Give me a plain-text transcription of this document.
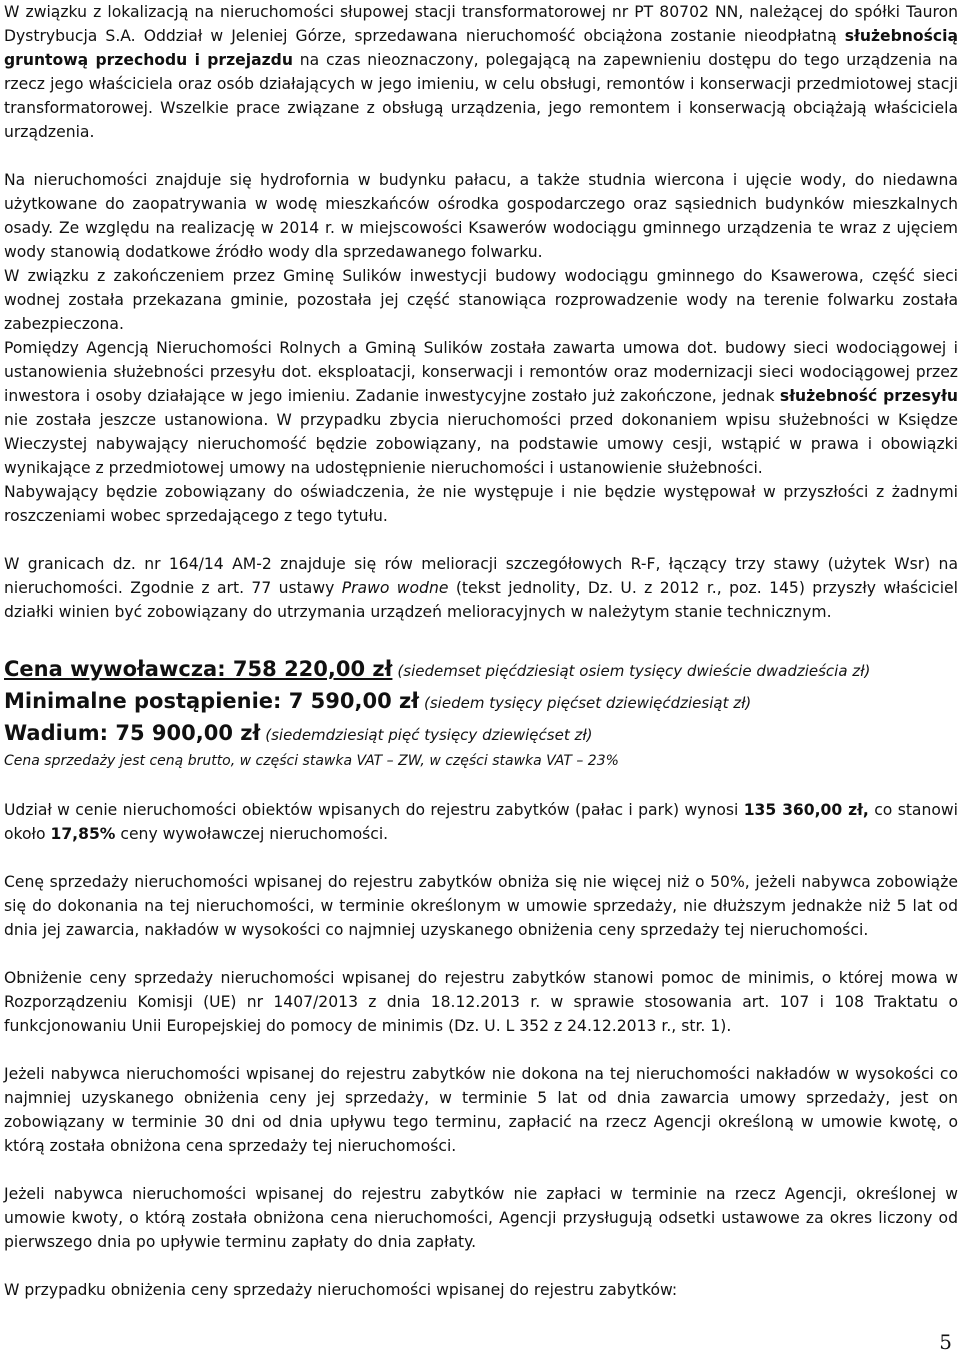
W związku z lokalizacją na nieruchomości słupowej stacji transformatorowej nr PT 80702 NN, należącej do spółki Tauron Dystrybucja S.A. Oddział w Jeleniej Górze, sprzedawana nieruchomość obciążona zostanie nieodpłatną służebnością gruntową przechodu i przejazdu na czas nieoznaczony, polegającą na zapewnieniu dostępu do tego urządzenia na rzecz jego właściciela oraz osób działających w jego imieniu, w celu obsługi, remontów i konserwacji przedmiotowej stacji transformatorowej. Wszelkie prace związane z obsługą urządzenia, jego remontem i konserwacją obciążają właściciela urządzenia.

Na nieruchomości znajduje się hydrofornia w budynku pałacu, a także studnia wiercona i ujęcie wody, do niedawna użytkowane do zaopatrywania w wodę mieszkańców ośrodka gospodarczego oraz sąsiednich budynków mieszkalnych osady. Ze względu na realizację w 2014 r. w miejscowości Ksawerów wodociągu gminnego urządzenia te wraz z ujęciem wody stanowią dodatkowe źródło wody dla sprzedawanego folwarku.

W związku z zakończeniem przez Gminę Sulików inwestycji budowy wodociągu gminnego do Ksawerowa, część sieci wodnej została przekazana gminie, pozostała jej część stanowiąca rozprowadzenie wody na terenie folwarku została zabezpieczona.

Pomiędzy Agencją Nieruchomości Rolnych a Gminą Sulików została zawarta umowa dot. budowy sieci wodociągowej i ustanowienia służebności przesyłu dot. eksploatacji, konserwacji i remontów oraz modernizacji sieci wodociągowej przez inwestora i osoby działające w jego imieniu. Zadanie inwestycyjne zostało już zakończone, jednak służebność przesyłu nie została jeszcze ustanowiona. W przypadku zbycia nieruchomości przed dokonaniem wpisu służebności w Księdze Wieczystej nabywający nieruchomość będzie zobowiązany, na podstawie umowy cesji, wstąpić w prawa i obowiązki wynikające z przedmiotowej umowy na udostępnienie nieruchomości i ustanowienie służebności.

Nabywający będzie zobowiązany do oświadczenia, że nie występuje i nie będzie występował w przyszłości z żadnymi roszczeniami wobec sprzedającego z tego tytułu.

W granicach dz. nr 164/14 AM-2 znajduje się rów melioracji szczegółowych R-F, łączący trzy stawy (użytek Wsr) na nieruchomości. Zgodnie z art. 77 ustawy Prawo wodne (tekst jednolity, Dz. U. z 2012 r., poz. 145) przyszły właściciel działki winien być zobowiązany do utrzymania urządzeń melioracyjnych w należytym stanie technicznym.

Cena wywoławcza: 758 220,00 zł (siedemset pięćdziesiąt osiem tysięcy dwieście dwadzieścia zł)

Minimalne postąpienie: 7 590,00 zł (siedem tysięcy pięćset dziewięćdziesiąt zł)

Wadium: 75 900,00 zł (siedemdziesiąt pięć tysięcy dziewięćset zł)

Cena sprzedaży jest ceną brutto, w części stawka VAT – ZW, w części stawka VAT – 23%

Udział w cenie nieruchomości obiektów wpisanych do rejestru zabytków (pałac i park) wynosi 135 360,00 zł, co stanowi około 17,85% ceny wywoławczej nieruchomości.

Cenę sprzedaży nieruchomości wpisanej do rejestru zabytków obniża się nie więcej niż o 50%, jeżeli nabywca zobowiąże się do dokonania na tej nieruchomości, w terminie określonym w umowie sprzedaży, nie dłuższym jednakże niż 5 lat od dnia jej zawarcia, nakładów w wysokości co najmniej uzyskanego obniżenia ceny sprzedaży tej nieruchomości.

Obniżenie ceny sprzedaży nieruchomości wpisanej do rejestru zabytków stanowi pomoc de minimis, o której mowa w Rozporządzeniu Komisji (UE) nr 1407/2013 z dnia 18.12.2013 r. w sprawie stosowania art. 107 i 108 Traktatu o funkcjonowaniu Unii Europejskiej do pomocy de minimis (Dz. U. L 352 z 24.12.2013 r., str. 1).

Jeżeli nabywca nieruchomości wpisanej do rejestru zabytków nie dokona na tej nieruchomości nakładów w wysokości co najmniej uzyskanego obniżenia ceny jej sprzedaży, w terminie 5 lat od dnia zawarcia umowy sprzedaży, jest on zobowiązany w terminie 30 dni od dnia upływu tego terminu, zapłacić na rzecz Agencji określoną w umowie kwotę, o którą została obniżona cena sprzedaży tej nieruchomości.

Jeżeli nabywca nieruchomości wpisanej do rejestru zabytków nie zapłaci w terminie na rzecz Agencji, określonej w umowie kwoty, o którą została obniżona cena nieruchomości, Agencji przysługują odsetki ustawowe za okres liczony od pierwszego dnia po upływie terminu zapłaty do dnia zapłaty.

W przypadku obniżenia ceny sprzedaży nieruchomości wpisanej do rejestru zabytków:

5
